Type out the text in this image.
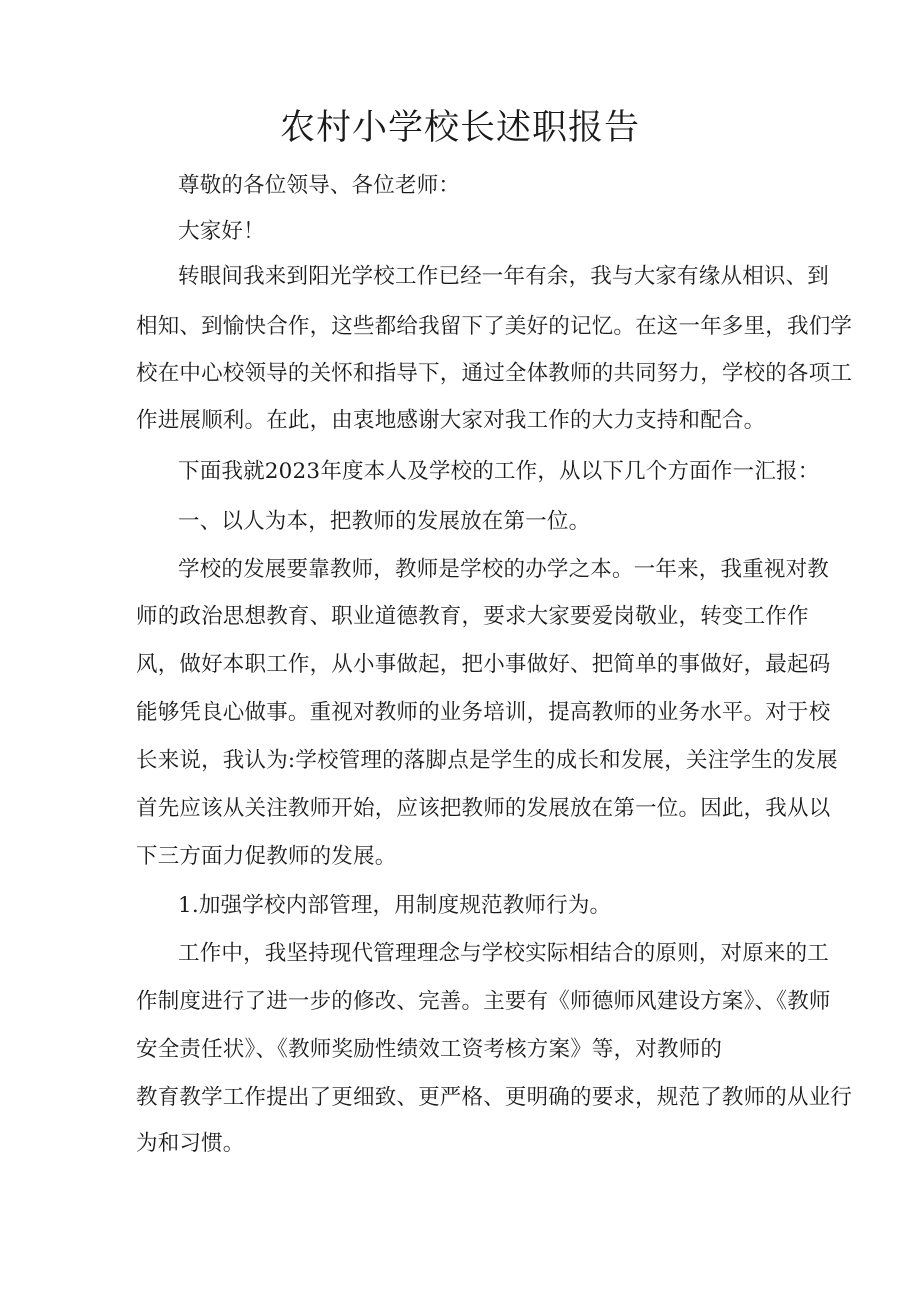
农村小学校长述职报告
尊敬的各位领导、各位老师：
大家好！
转眼间我来到阳光学校工作已经一年有余，我与大家有缘从相识、到
相知、到愉快合作，这些都给我留下了美好的记忆。在这一年多里，我们学
校在中心校领导的关怀和指导下，通过全体教师的共同努力，学校的各项工
作进展顺利。在此，由衷地感谢大家对我工作的大力支持和配合。
下面我就2023年度本人及学校的工作，从以下几个方面作一汇报：
一、以人为本，把教师的发展放在第一位。
学校的发展要靠教师，教师是学校的办学之本。一年来，我重视对教
师的政治思想教育、职业道德教育，要求大家要爱岗敬业，转变工作作
风，做好本职工作，从小事做起，把小事做好、把简单的事做好，最起码
能够凭良心做事。重视对教师的业务培训，提高教师的业务水平。对于校
长来说，我认为:学校管理的落脚点是学生的成长和发展，关注学生的发展
首先应该从关注教师开始，应该把教师的发展放在第一位。因此，我从以
下三方面力促教师的发展。
1.加强学校内部管理，用制度规范教师行为。
工作中，我坚持现代管理理念与学校实际相结合的原则，对原来的工
作制度进行了进一步的修改、完善。主要有《师德师风建设方案》、《教师
安全责任状》、《教师奖励性绩效工资考核方案》等，对教师的
教育教学工作提出了更细致、更严格、更明确的要求，规范了教师的从业行
为和习惯。
